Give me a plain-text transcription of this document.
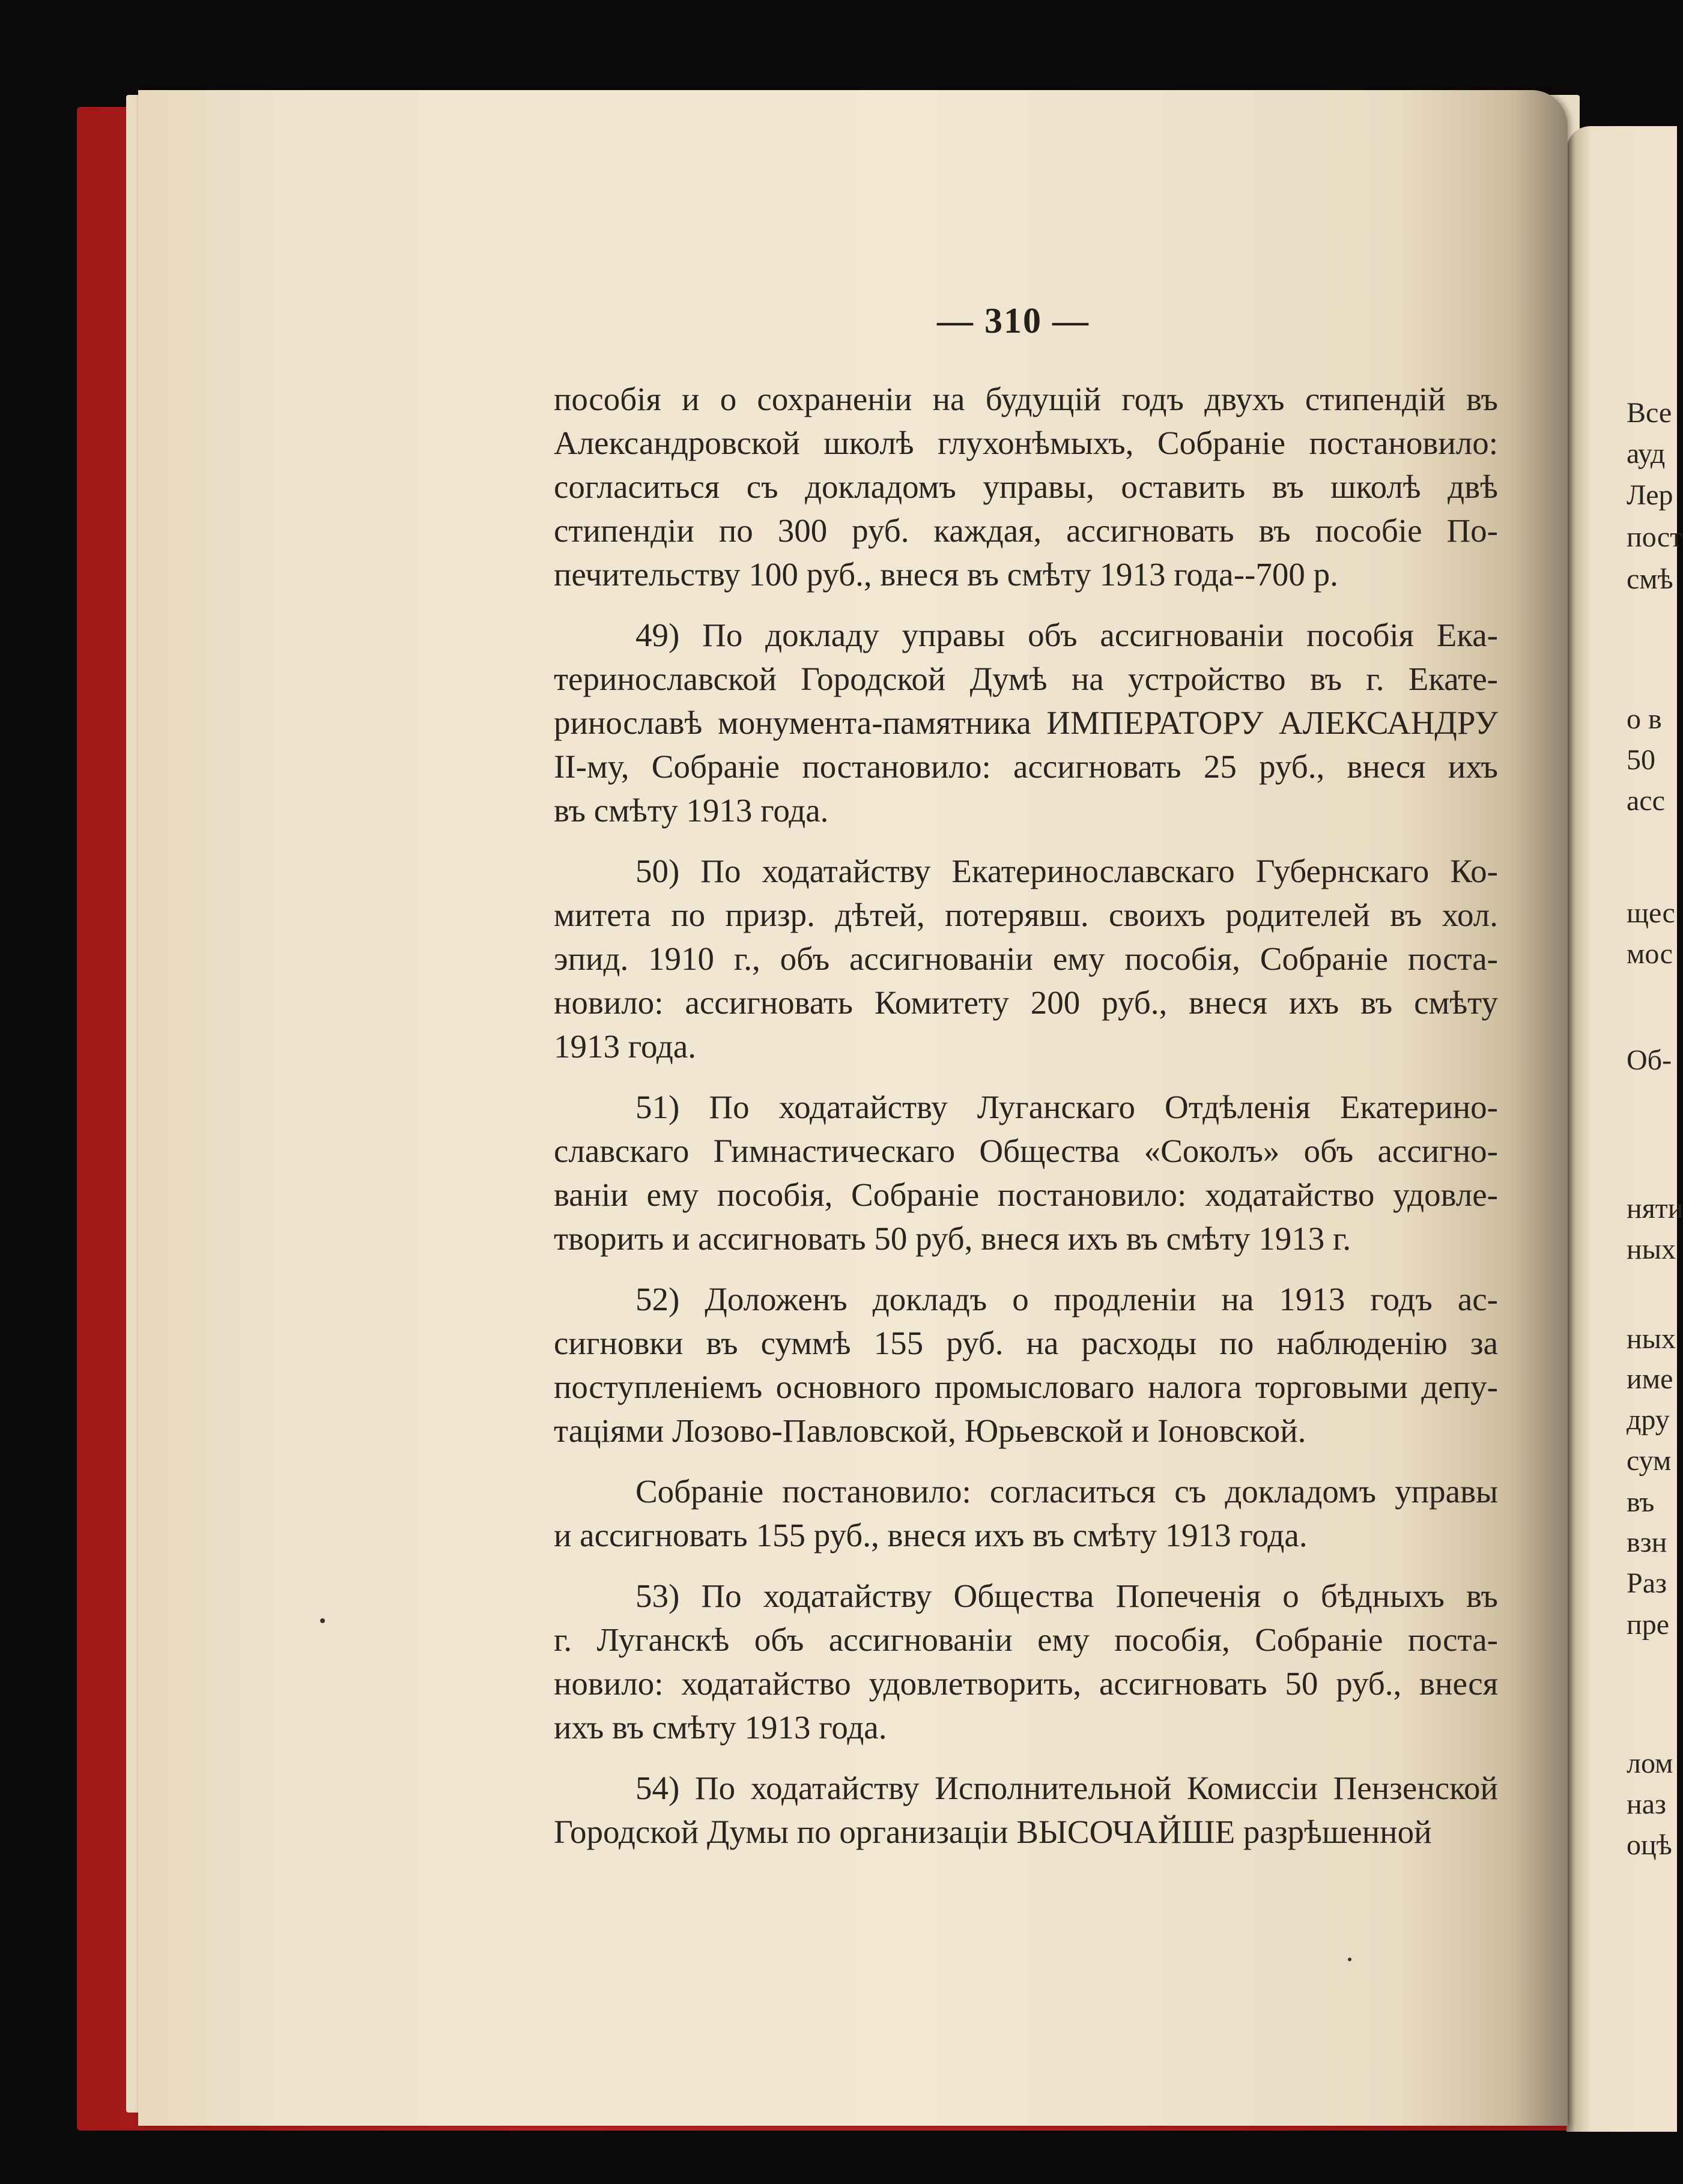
Все
ауд
Лер
пост
смѣ
о в
50
асс
щес
мос
Об-
няти
ных
ных
име
дру
сум
въ
взн
Раз
пре
лом
наз
оцѣ
— 310 —
пособія и о сохраненіи на будущій годъ двухъ стипендій въ
Александровской школѣ глухонѣмыхъ, Собраніе постановило:
согласиться съ докладомъ управы, оставить въ школѣ двѣ
стипендіи по 300 руб. каждая, ассигновать въ пособіе По-
печительству 100 руб., внеся въ смѣту 1913 года--700 р.
49) По докладу управы объ ассигнованіи пособія Ека-
теринославской Городской Думѣ на устройство въ г. Екате-
ринославѣ монумента-памятника ИМПЕРАТОРУ АЛЕКСАНДРУ
II-му, Собраніе постановило: ассигновать 25 руб., внеся ихъ
въ смѣту 1913 года.
50) По ходатайству Екатеринославскаго Губернскаго Ко-
митета по призр. дѣтей, потерявш. своихъ родителей въ хол.
эпид. 1910 г., объ ассигнованіи ему пособія, Собраніе поста-
новило: ассигновать Комитету 200 руб., внеся ихъ въ смѣту
1913 года.
51) По ходатайству Луганскаго Отдѣленія Екатерино-
славскаго Гимнастическаго Общества «Соколъ» объ ассигно-
ваніи ему пособія, Собраніе постановило: ходатайство удовле-
творить и ассигновать 50 руб, внеся ихъ въ смѣту 1913 г.
52) Доложенъ докладъ о продленіи на 1913 годъ ас-
сигновки въ суммѣ 155 руб. на расходы по наблюденію за
поступленіемъ основного промысловаго налога торговыми депу-
таціями Лозово-Павловской, Юрьевской и Іоновской.
Собраніе постановило: согласиться съ докладомъ управы
и ассигновать 155 руб., внеся ихъ въ смѣту 1913 года.
53) По ходатайству Общества Попеченія о бѣдныхъ въ
г. Луганскѣ объ ассигнованіи ему пособія, Собраніе поста-
новило: ходатайство удовлетворить, ассигновать 50 руб., внеся
ихъ въ смѣту 1913 года.
54) По ходатайству Исполнительной Комиссіи Пензенской
Городской Думы по организаціи ВЫСОЧАЙШЕ разрѣшенной
